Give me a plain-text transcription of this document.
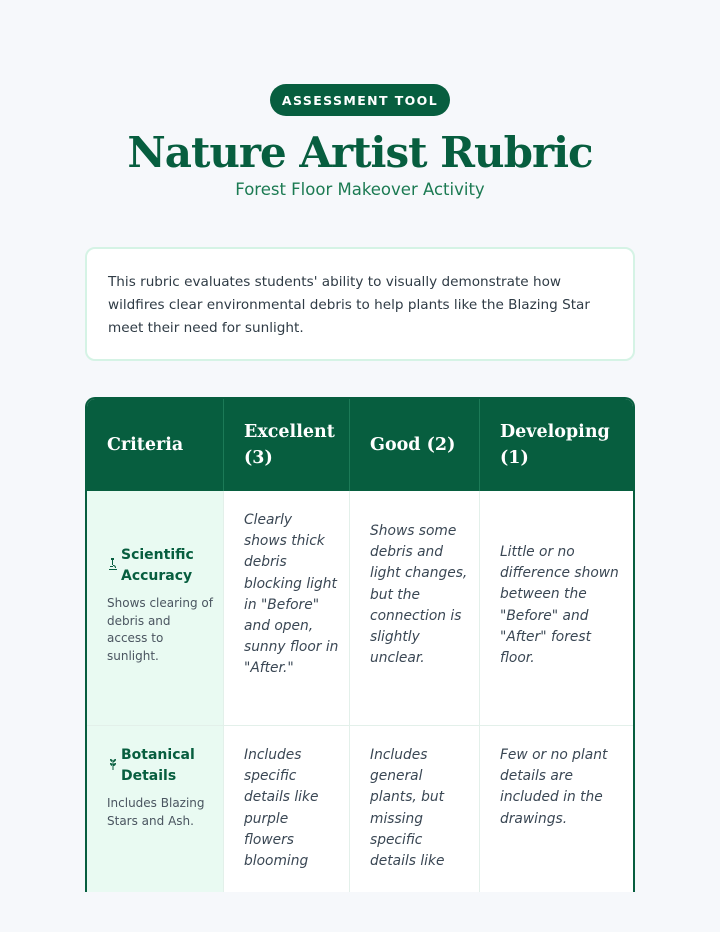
ASSESSMENT TOOL
Nature Artist Rubric
Forest Floor Makeover Activity

This rubric evaluates students' ability to visually demonstrate how wildfires clear environmental debris to help plants like the Blazing Star meet their need for sunlight.

Criteria
Excellent (3)
Good (2)
Developing (1)
Scientific Accuracy
Shows clearing of debris and access to sunlight.
Clearly shows thick debris blocking light in "Before" and open, sunny floor in "After."
Shows some debris and light changes, but the connection is slightly unclear.
Little or no difference shown between the "Before" and "After" forest floor.
Botanical Details
Includes Blazing Stars and Ash.
Includes specific details like purple flowers blooming
Includes general plants, but missing specific details like
Few or no plant details are included in the drawings.
